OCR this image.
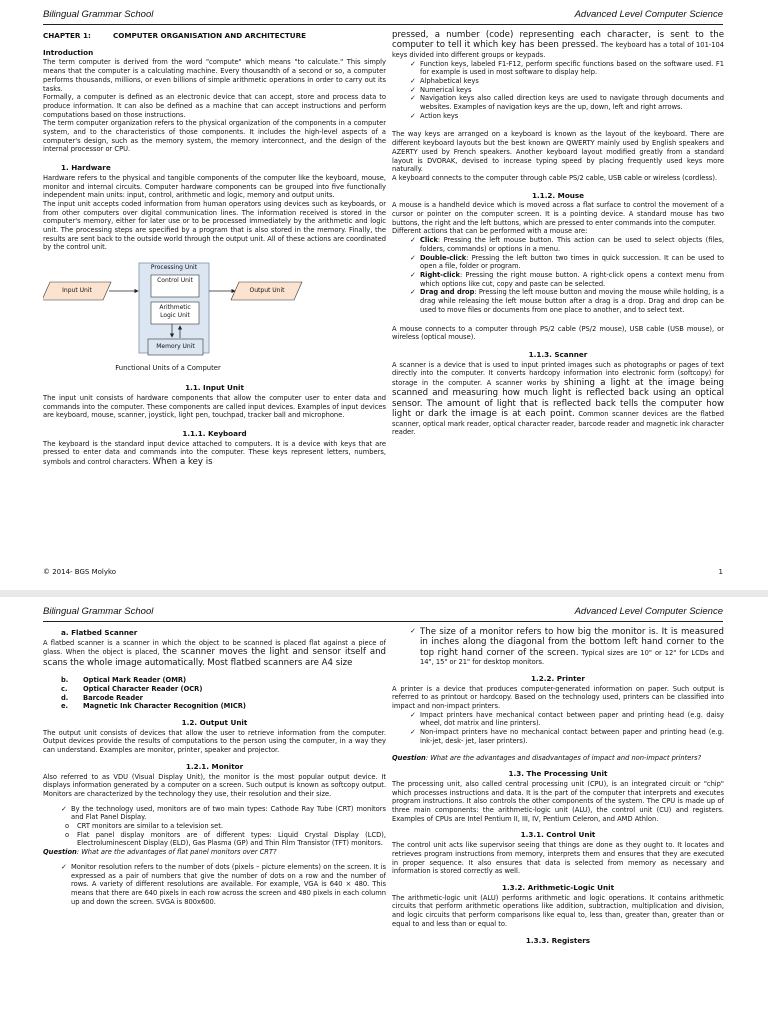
Bilingual Grammar School	Advanced Level Computer Science
CHAPTER 1:	COMPUTER ORGANISATION AND ARCHITECTURE
Introduction

The term computer is derived from the word "compute" which means "to calculate." This simply means that the computer is a calculating machine. Every thousandth of a second or so, a computer performs thousands, millions, or even billions of simple arithmetic operations in order to carry out its tasks.

Formally, a computer is defined as an electronic device that can accept, store and process data to produce information. It can also be defined as a machine that can accept instructions and perform computations based on those instructions.

The term computer organization refers to the physical organization of the components in a computer system, and to the characteristics of those components. It includes the high-level aspects of a computer's design, such as the memory system, the memory interconnect, and the design of the internal processor or CPU.

1. Hardware

Hardware refers to the physical and tangible components of the computer like the keyboard, mouse, monitor and internal circuits. Computer hardware components can be grouped into five functionally independent main units: input, control, arithmetic and logic, memory and output units.

The input unit accepts coded information from human operators using devices such as keyboards, or from other computers over digital communication lines. The information received is stored in the computer's memory, either for later use or to be processed immediately by the arithmetic and logic unit. The processing steps are specified by a program that is also stored in the memory. Finally, the results are sent back to the outside world through the output unit. All of these actions are coordinated by the control unit.

Processing Unit
Control Unit
Arithmetic Logic Unit
Memory Unit
Input Unit	Output Unit
Functional Units of a Computer
1.1. Input Unit

The input unit consists of hardware components that allow the computer user to enter data and commands into the computer. These components are called input devices. Examples of input devices are keyboard, mouse, scanner, joystick, light pen, touchpad, tracker ball and microphone.

1.1.1. Keyboard

The keyboard is the standard input device attached to computers. It is a device with keys that are pressed to enter data and commands into the computer. These keys represent letters, numbers, symbols and control characters. When a key is

pressed, a number (code) representing each character, is sent to the computer to tell it which key has been pressed. The keyboard has a total of 101-104 keys divided into different groups or keypads.

✓ Function keys, labeled F1-F12, perform specific functions based on the software used. F1 for example is used in most software to display help.
✓ Alphabetical keys
✓ Numerical keys
✓ Navigation keys also called direction keys are used to navigate through documents and websites. Examples of navigation keys are the up, down, left and right arrows.
✓ Action keys

The way keys are arranged on a keyboard is known as the layout of the keyboard. There are different keyboard layouts but the best known are QWERTY mainly used by English speakers and AZERTY used by French speakers. Another keyboard layout modified greatly from a standard layout is DVORAK, devised to increase typing speed by placing frequently used keys more naturally.

A keyboard connects to the computer through cable PS/2 cable, USB cable or wireless (cordless).

1.1.2. Mouse

A mouse is a handheld device which is moved across a flat surface to control the movement of a cursor or pointer on the computer screen. It is a pointing device. A standard mouse has two buttons, the right and the left buttons, which are pressed to enter commands into the computer.

Different actions that can be performed with a mouse are:

✓ Click: Pressing the left mouse button. This action can be used to select objects (files, folders, commands) or options in a menu.
✓ Double-click: Pressing the left button two times in quick succession. It can be used to open a file, folder or program.
✓ Right-click: Pressing the right mouse button. A right-click opens a context menu from which options like cut, copy and paste can be selected.
✓ Drag and drop: Pressing the left mouse button and moving the mouse while holding, is a drag while releasing the left mouse button after a drag is a drop. Drag and drop can be used to move files or documents from one place to another, and to select text.

A mouse connects to a computer through PS/2 cable (PS/2 mouse), USB cable (USB mouse), or wireless (optical mouse).

1.1.3. Scanner

A scanner is a device that is used to input printed images such as photographs or pages of text directly into the computer. It converts hardcopy information into electronic form (softcopy) for storage in the computer. A scanner works by shining a light at the image being scanned and measuring how much light is reflected back using an optical sensor. The amount of light that is reflected back tells the computer how light or dark the image is at each point. Common scanner devices are the flatbed scanner, optical mark reader, optical character reader, barcode reader and magnetic ink character reader.

© 2014- BGS Molyko	1
Bilingual Grammar School	Advanced Level Computer Science
a. Flatbed Scanner

A flatbed scanner is a scanner in which the object to be scanned is placed flat against a piece of glass. When the object is placed, the scanner moves the light and sensor itself and scans the whole image automatically. Most flatbed scanners are A4 size

b. Optical Mark Reader (OMR)
c. Optical Character Reader (OCR)
d. Barcode Reader
e. Magnetic Ink Character Recognition (MICR)
1.2. Output Unit

The output unit consists of devices that allow the user to retrieve information from the computer. Output devices provide the results of computations to the person using the computer, in a way they can understand. Examples are monitor, printer, speaker and projector.

1.2.1. Monitor

Also referred to as VDU (Visual Display Unit), the monitor is the most popular output device. It displays information generated by a computer on a screen. Such output is known as softcopy output. Monitors are characterized by the technology they use, their resolution and their size.

✓ By the technology used, monitors are of two main types: Cathode Ray Tube (CRT) monitors and Flat Panel Display.
o CRT monitors are similar to a television set.
o Flat panel display monitors are of different types: Liquid Crystal Display (LCD), Electroluminescent Display (ELD), Gas Plasma (GP) and Thin Film Transistor (TFT) monitors.

Question: What are the advantages of flat panel monitors over CRT?

✓ Monitor resolution refers to the number of dots (pixels – picture elements) on the screen. It is expressed as a pair of numbers that give the number of dots on a row and the number of rows. A variety of different resolutions are available. For example, VGA is 640 × 480. This means that there are 640 pixels in each row across the screen and 480 pixels in each column up and down the screen. SVGA is 800x600.
✓ The size of a monitor refers to how big the monitor is. It is measured in inches along the diagonal from the bottom left hand corner to the top right hand corner of the screen. Typical sizes are 10" or 12" for LCDs and 14", 15" or 21" for desktop monitors.
1.2.2. Printer

A printer is a device that produces computer-generated information on paper. Such output is referred to as printout or hardcopy. Based on the technology used, printers can be classified into impact and non-impact printers.

✓ Impact printers have mechanical contact between paper and printing head (e.g. daisy wheel, dot matrix and line printers).
✓ Non-impact printers have no mechanical contact between paper and printing head (e.g. ink-jet, desk- jet, laser printers).

Question: What are the advantages and disadvantages of impact and non-impact printers?

1.3. The Processing Unit

The processing unit, also called central processing unit (CPU), is an integrated circuit or "chip" which processes instructions and data. It is the part of the computer that interprets and executes program instructions. It also controls the other components of the system. The CPU is made up of three main components: the arithmetic-logic unit (ALU), the control unit (CU) and registers. Examples of CPUs are Intel Pentium II, III, IV, Pentium Celeron, and AMD Athlon.

1.3.1. Control Unit

The control unit acts like supervisor seeing that things are done as they ought to. It locates and retrieves program instructions from memory, interprets them and ensures that they are executed in proper sequence. It also ensures that data is selected from memory as necessary and information is stored correctly as well.

1.3.2. Arithmetic-Logic Unit

The arithmetic-logic unit (ALU) performs arithmetic and logic operations. It contains arithmetic circuits that perform arithmetic operations like addition, subtraction, multiplication and division, and logic circuits that perform comparisons like equal to, less than, greater than, greater than or equal to and less than or equal to.

1.3.3. Registers
